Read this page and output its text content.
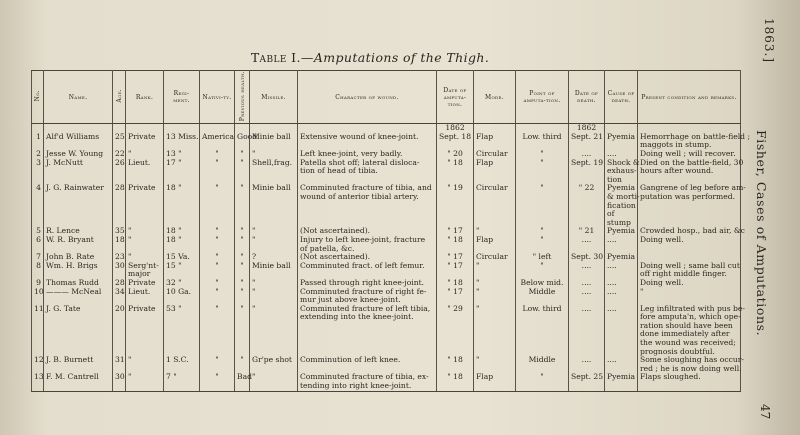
1863.]
Fisher, Cases of Amputations.
47
Table I.—Amputations of the Thigh.
No.	Name.	Age.	Rank.	Regi-ment.	Nativi-ty.	Previous health.	Missile.	Character of wound.	Date of amputa-tion.	Mode.	Point of amputa-tion.	Date of death.	Cause of death.	Present condition and remarks.
									1862			1862		
1	Alf'd Williams	25	Private	13 Miss.	America	Good	Minie ball	Extensive wound of knee-joint.	Sept. 18	Flap	Low. third	Sept. 21	Pyemia	Hemorrhage on battle-field ;
														maggots in stump.
2	Jesse W. Young	22	"	13 "	"	"	"	Left knee-joint, very badly.	" 20	Circular	"	....	....	Doing well ; will recover.
3	J. McNutt	26	Lieut.	17 "	"	"	Shell,frag.	Patella shot off; lateral disloca-	" 18	Flap	"	Sept. 19	Shock &	Died on the battle-field, 30
								tion of head of tibia.					exhaus-	hours after wound.
													tion	
4	J. G. Rainwater	28	Private	18 "	"	"	Minie ball	Comminuted fracture of tibia, and	" 19	Circular	"	" 22	Pyemia	Gangrene of leg before am-
								wound of anterior tibial artery.					& morti-	putation was performed.
													fication	
													of	
													stump	
5	R. Lence	35	"	18 "	"	"	"	(Not ascertained).	" 17	"	"	" 21	Pyemia	Crowded hosp., bad air, &c
6	W. R. Bryant	18	"	18 "	"	"	"	Injury to left knee-joint, fracture	" 18	Flap	"	....	....	Doing well.
								of patella, &c.						
7	John B. Rate	23	"	15 Va.	"	"	?	(Not ascertained).	" 17	Circular	" left	Sept. 30	Pyemia	
8	Wm. H. Brigs	30	Serg'nt-	15 "	"	"	Minie ball	Comminuted fract. of left femur.	" 17	"	"	....	....	Doing well ; same ball cut
			major											off right middle finger.
9	Thomas Rudd	28	Private	32 "	"	"	"	Passed through right knee-joint.	" 18	"	Below mid.	....	....	Doing well.
10	——— McNeal	34	Lieut.	10 Ga.	"	"	"	Comminuted fracture of right fe-	" 17	"	Middle	....	....	"
								mur just above knee-joint.						
11	J. G. Tate	20	Private	53 "	"	"	"	Comminuted fracture of left tibia,	" 29	"	Low. third	....	....	Leg infiltrated with pus be-
								extending into the knee-joint.						fore amputa'n, which ope-
														ration should have been
														done immediately after
														the wound was received;
														prognosis doubtful.
12	J. B. Burnett	31	"	1 S.C.	"	"	Gr'pe shot	Comminution of left knee.	" 18	"	Middle	....	....	Some sloughing has occur-
														red ; he is now doing well.
13	F. M. Cantrell	30	"	7 "	"	Bad	"	Comminuted fracture of tibia, ex-	" 18	Flap	"	Sept. 25	Pyemia	Flaps sloughed.
								tending into right knee-joint.						
